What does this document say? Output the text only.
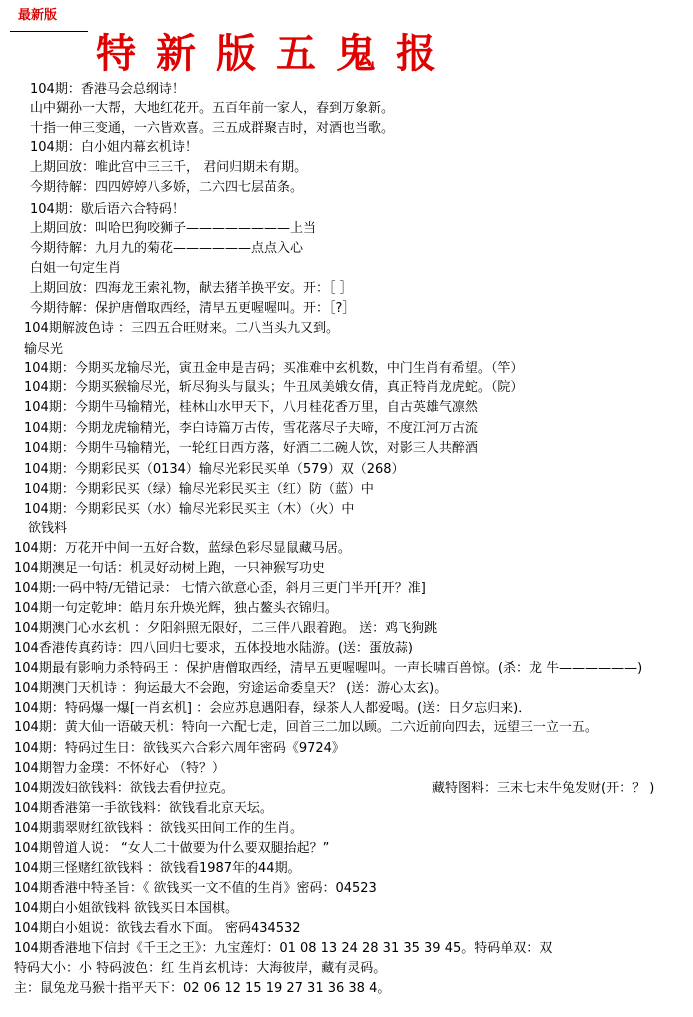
最新版
特新版五鬼报
104期：香港马会总纲诗！
山中猢孙一大帮，大地红花开。五百年前一家人，春到万象新。
十指一伸三变通，一六皆欢喜。三五成群聚吉时，对酒也当歌。
104期：白小姐内幕玄机诗！
上期回放：唯此宫中三三千， 君问归期未有期。
今期待解：四四婷婷八多娇，二六四七层苗条。
104期：歇后语六合特码！
上期回放：叫哈巴狗咬狮子————————上当
今期待解：九月九的菊花——————点点入心
白姐一句定生肖
上期回放：四海龙王索礼物，献去猪羊换平安。开：［ ］
今期待解：保护唐僧取西经，清早五更喔喔叫。开：［?］
104期解波色诗 ：三四五合旺财来。二八当头九又到。
输尽光
104期：今期买龙输尽光，寅丑金申是吉码；买准难中玄机数，中门生肖有希望。（竿）
104期：今期买猴输尽光，斩尽狗头与鼠头；牛丑凤美娥女倩，真正特肖龙虎蛇。（院）
104期：今期牛马输精光，桂林山水甲天下，八月桂花香万里，自古英雄气凛然
104期：今期龙虎输精光，李白诗篇万古传，雪花落尽子夫啼，不度江河万古流
104期：今期牛马输精光，一轮红日西方落，好酒二二碗人饮，对影三人共醉酒
104期：今期彩民买（0134）输尽光彩民买单（579）双（268）
104期：今期彩民买（绿）输尽光彩民买主（红）防（蓝）中
104期：今期彩民买（水）输尽光彩民买主（木）（火）中
欲钱料
104期：万花开中间一五好合数，蓝绿色彩尽显鼠藏马居。
104期澳足一句话：机灵好动树上跑，一只神猴写功史
104期:一码中特/无错记录： 七情六欲意心歪，斜月三更门半开[开？准]
104期一句定乾坤：皓月东升焕光辉，独占鳌头衣锦归。
104期澳门心水玄机 ：夕阳斜照无限好，二三伴八跟着跑。 送：鸡飞狗跳
104香港传真药诗：四八回归七要求，五体投地水陆游。(送：蛋放蒜)
104期最有影响力杀特码王 ：保护唐僧取西经，清早五更喔喔叫。一声长啸百兽惊。(杀：龙 牛——————)
104期澳门天机诗 ：狗运最大不会跑，穷途运命委皇天？ (送：游心太玄)。
104期：特码爆一爆[一肖玄机] ：会应苏息遇阳春，绿茶人人都爱喝。(送：日夕忘归来)．
104期：黄大仙一语破天机：特向一六配七走，回首三二加以顾。二六近前向四去，远望三一立一五。
104期：特码过生日：欲钱买六合彩六周年密码《9724》
104期智力金璞：不怀好心 （特？）
104期泼妇欲钱料：欲钱去看伊拉克。	藏特图料：三末七末牛兔发财(开：？ )
104期香港第一手欲钱料：欲钱看北京天坛。
104期翡翠财红欲钱料 ：欲钱买田间工作的生肖。
104期曾道人说： “女人二十做要为什么要双腿抬起？”
104期三怪赌红欲钱料 ：欲钱看1987年的44期。
104期香港中特圣旨：《 欲钱买一文不值的生肖》密码：04523
104期白小姐欲钱料 欲钱买日本国棋。
104期白小姐说：欲钱去看水下面。 密码434532
104期香港地下信封《千王之王》：九宝莲灯：01 08 13 24 28 31 35 39 45。特码单双：双
特码大小：小 特码波色：红 生肖玄机诗：大海彼岸，藏有灵码。
主：鼠兔龙马猴十指平天下：02 06 12 15 19 27 31 36 38 4。
